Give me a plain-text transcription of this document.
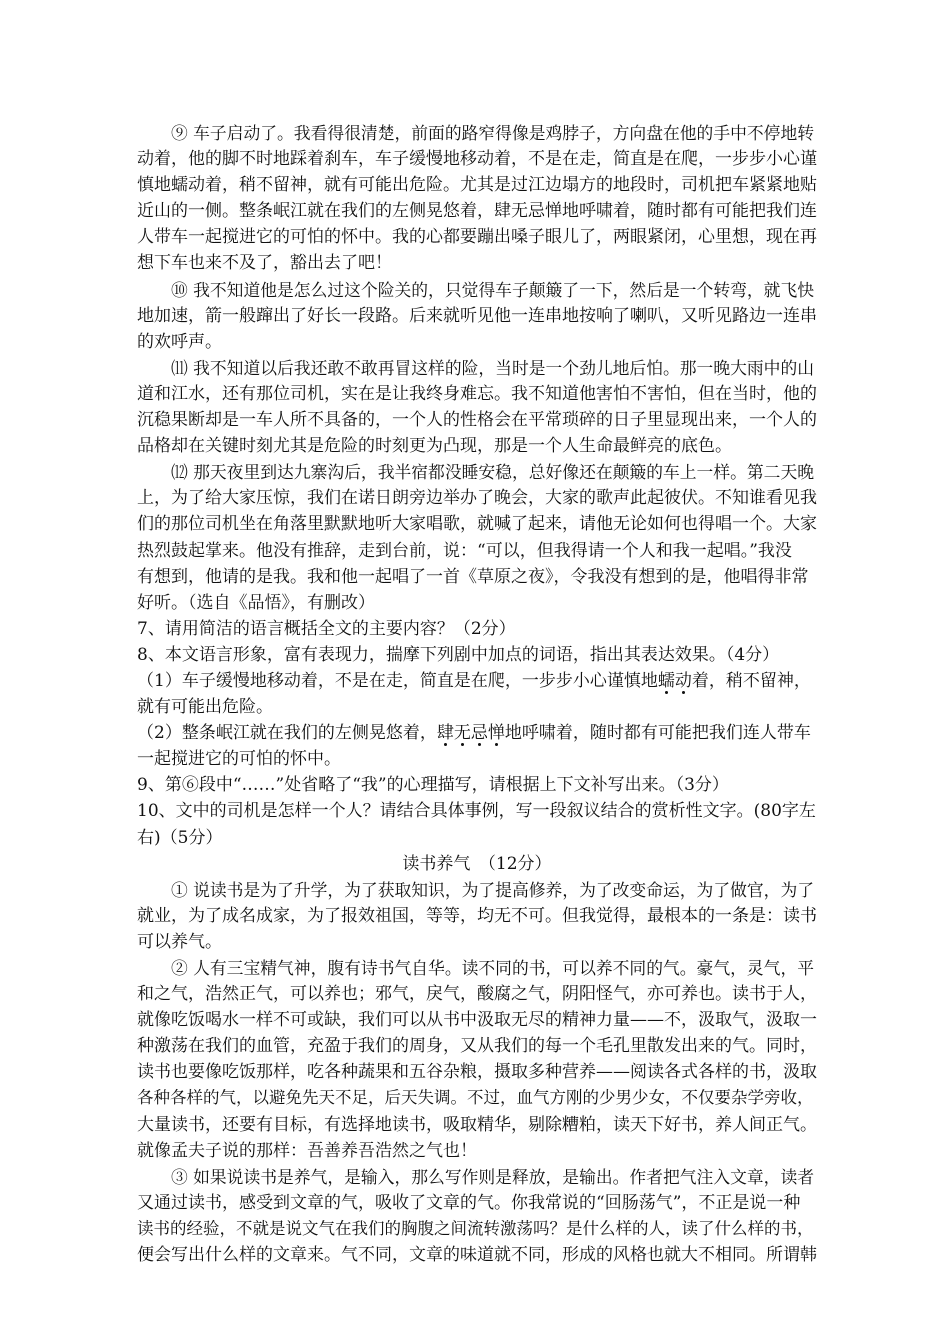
⑨ 车子启动了。我看得很清楚，前面的路窄得像是鸡脖子，方向盘在他的手中不停地转
动着，他的脚不时地踩着刹车，车子缓慢地移动着，不是在走，简直是在爬，一步步小心谨
慎地蠕动着，稍不留神，就有可能出危险。尤其是过江边塌方的地段时，司机把车紧紧地贴
近山的一侧。整条岷江就在我们的左侧晃悠着，肆无忌惮地呼啸着，随时都有可能把我们连
人带车一起搅进它的可怕的怀中。我的心都要蹦出嗓子眼儿了，两眼紧闭，心里想，现在再
想下车也来不及了，豁出去了吧！
⑩ 我不知道他是怎么过这个险关的，只觉得车子颠簸了一下，然后是一个转弯，就飞快
地加速，箭一般蹿出了好长一段路。后来就听见他一连串地按响了喇叭，又听见路边一连串
的欢呼声。
⑾ 我不知道以后我还敢不敢再冒这样的险，当时是一个劲儿地后怕。那一晚大雨中的山
道和江水，还有那位司机，实在是让我终身难忘。我不知道他害怕不害怕，但在当时，他的
沉稳果断却是一车人所不具备的，一个人的性格会在平常琐碎的日子里显现出来，一个人的
品格却在关键时刻尤其是危险的时刻更为凸现，那是一个人生命最鲜亮的底色。
⑿ 那天夜里到达九寨沟后，我半宿都没睡安稳，总好像还在颠簸的车上一样。第二天晚
上，为了给大家压惊，我们在诺日朗旁边举办了晚会，大家的歌声此起彼伏。不知谁看见我
们的那位司机坐在角落里默默地听大家唱歌，就喊了起来，请他无论如何也得唱一个。大家
热烈鼓起掌来。他没有推辞，走到台前，说：“可以，但我得请一个人和我一起唱。”我没
有想到，他请的是我。我和他一起唱了一首《草原之夜》，令我没有想到的是，他唱得非常
好听。（选自《品悟》，有删改）
7、请用简洁的语言概括全文的主要内容？（2分）
8、本文语言形象，富有表现力，揣摩下列剧中加点的词语，指出其表达效果。（4分）
（1）车子缓慢地移动着，不是在走，简直是在爬，一步步小心谨慎地蠕动着，稍不留神，
就有可能出危险。
（2）整条岷江就在我们的左侧晃悠着，肆无忌惮地呼啸着，随时都有可能把我们连人带车
一起搅进它的可怕的怀中。
9、第⑥段中“……”处省略了“我”的心理描写，请根据上下文补写出来。（3分）
10、文中的司机是怎样一个人？请结合具体事例，写一段叙议结合的赏析性文字。(80字左
右)（5分）
读书养气　（12分）
① 说读书是为了升学，为了获取知识，为了提高修养，为了改变命运，为了做官，为了
就业，为了成名成家，为了报效祖国，等等，均无不可。但我觉得，最根本的一条是：读书
可以养气。
② 人有三宝精气神，腹有诗书气自华。读不同的书，可以养不同的气。豪气，灵气，平
和之气，浩然正气，可以养也；邪气，戾气，酸腐之气，阴阳怪气，亦可养也。读书于人，
就像吃饭喝水一样不可或缺，我们可以从书中汲取无尽的精神力量——不，汲取气，汲取一
种激荡在我们的血管，充盈于我们的周身，又从我们的每一个毛孔里散发出来的气。同时，
读书也要像吃饭那样，吃各种蔬果和五谷杂粮，摄取多种营养——阅读各式各样的书，汲取
各种各样的气，以避免先天不足，后天失调。不过，血气方刚的少男少女，不仅要杂学旁收，
大量读书，还要有目标，有选择地读书，吸取精华，剔除糟粕，读天下好书，养人间正气。
就像孟夫子说的那样：吾善养吾浩然之气也！
③ 如果说读书是养气，是输入，那么写作则是释放，是输出。作者把气注入文章，读者
又通过读书，感受到文章的气，吸收了文章的气。你我常说的“回肠荡气”，不正是说一种
读书的经验，不就是说文气在我们的胸腹之间流转激荡吗？是什么样的人，读了什么样的书，
便会写出什么样的文章来。气不同，文章的味道就不同，形成的风格也就大不相同。所谓韩
